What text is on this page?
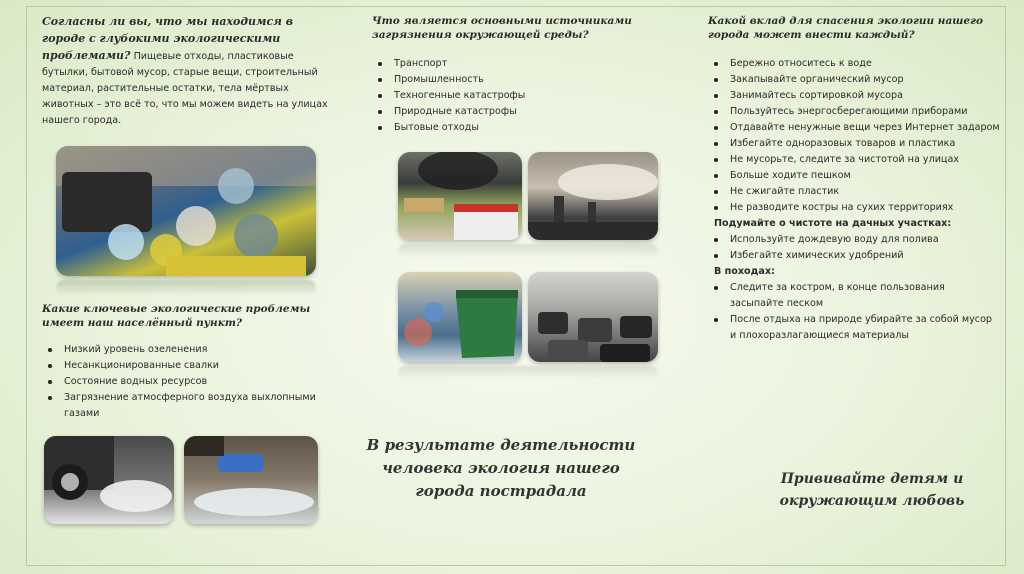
Согласны ли вы, что мы находимся в городе с глубокими экологическими проблемами? Пищевые отходы, пластиковые бутылки, бытовой мусор, старые вещи, строительный материал, растительные остатки, тела мёртвых животных – это всё то, что мы можем видеть на улицах нашего города.
Какие ключевые экологические проблемы имеет наш населённый пункт?
Низкий уровень озеленения
Несанкционированные свалки
Состояние водных ресурсов
Загрязнение атмосферного воздуха выхлопными газами
Что является основными источниками загрязнения окружающей среды?
Транспорт
Промышленность
Техногенные катастрофы
Природные катастрофы
Бытовые отходы
В результате деятельности человека экология нашего города пострадала
Какой вклад для спасения экологии нашего города может внести каждый?
Бережно относитесь к воде
Закапывайте органический мусор
Занимайтесь сортировкой мусора
Пользуйтесь энергосберегающими приборами
Отдавайте ненужные вещи через Интернет задаром
Избегайте одноразовых товаров и пластика
Не мусорьте, следите за чистотой на улицах
Больше ходите пешком
Не сжигайте пластик
Не разводите костры на сухих территориях
Подумайте о чистоте на дачных участках:
Используйте дождевую воду для полива
Избегайте химических удобрений
В походах:
Следите за костром, в конце пользования засыпайте песком
После отдыха на природе убирайте за собой мусор и плохоразлагающиеся материалы
Прививайте детям и окружающим любовь
